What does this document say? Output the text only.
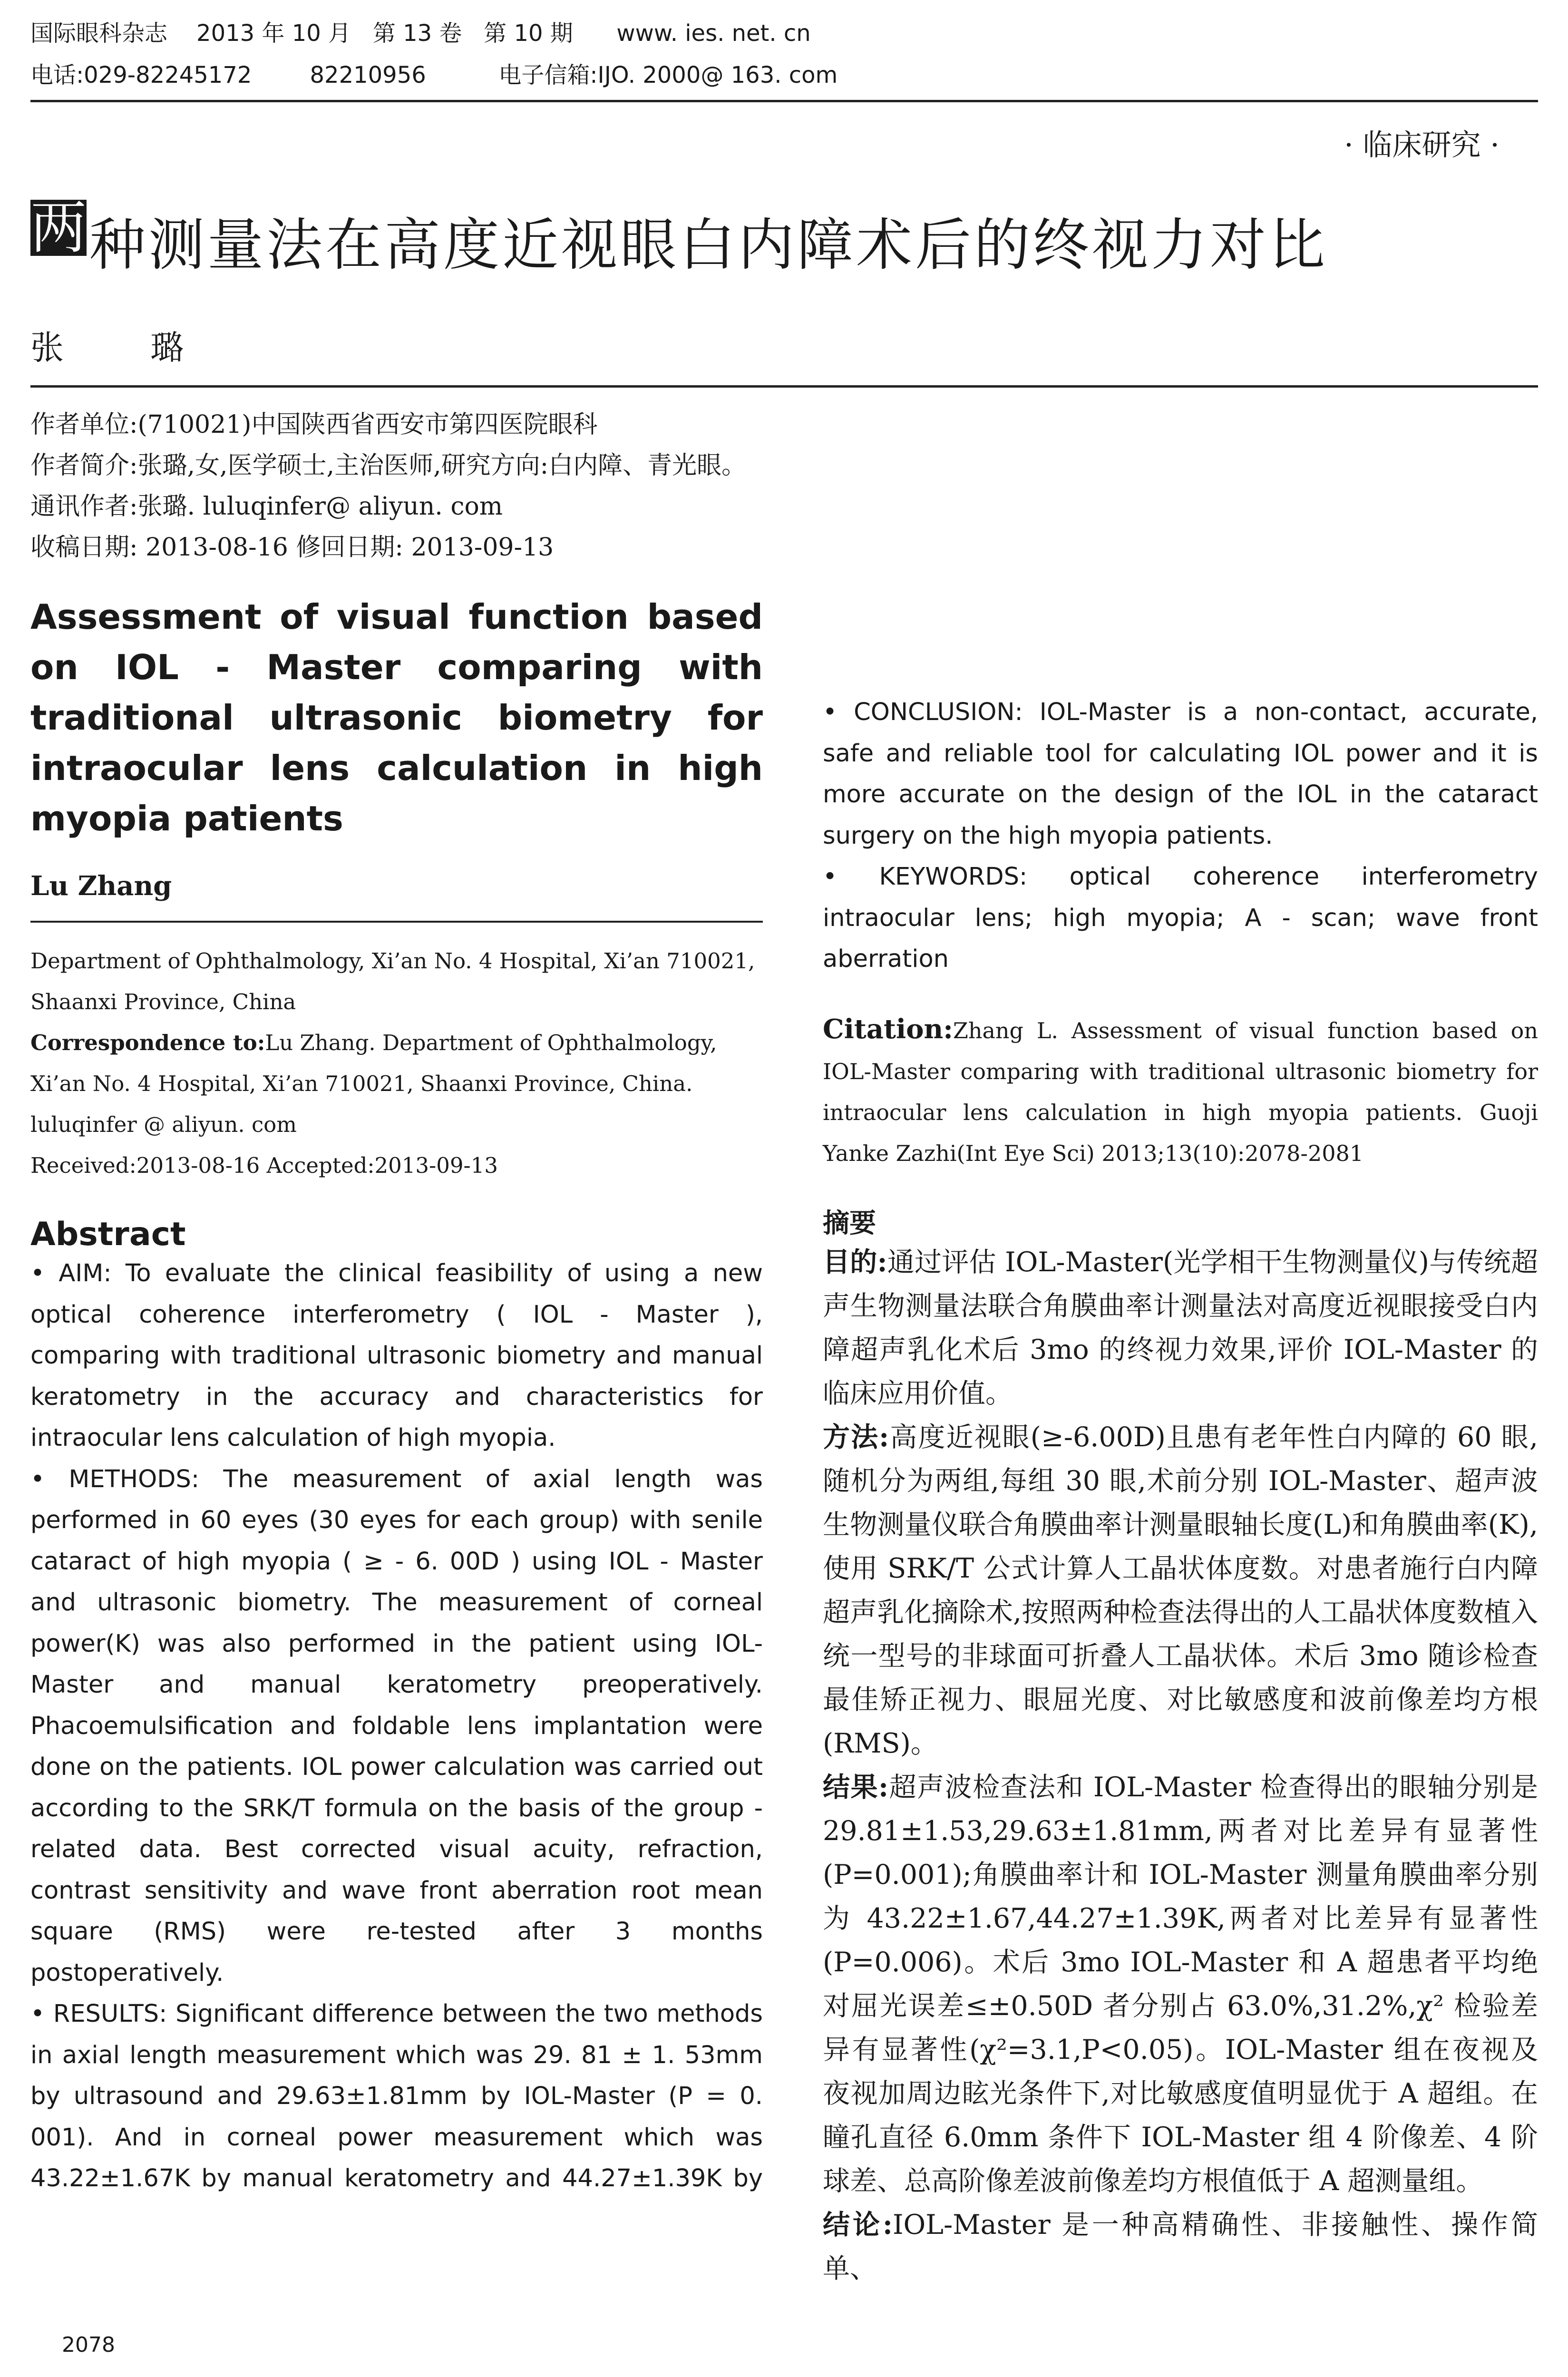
国际眼科杂志    2013 年 10 月   第 13 卷   第 10 期      www. ies. net. cn
电话:029-82245172        82210956          电子信箱:IJO. 2000@ 163. com
· 临床研究 ·
两种测量法在高度近视眼白内障术后的终视力对比
张 璐

作者单位:(710021)中国陕西省西安市第四医院眼科

作者简介:张璐,女,医学硕士,主治医师,研究方向:白内障、青光眼。

通讯作者:张璐. luluqinfer@ aliyun. com

收稿日期: 2013-08-16 修回日期: 2013-09-13

Assessment of visual function based on IOL - Master comparing with traditional ultrasonic biometry for intraocular lens calculation in high myopia patients
Lu Zhang

Department of Ophthalmology, Xi’an No. 4 Hospital, Xi’an 710021, Shaanxi Province, China

Correspondence to:Lu Zhang. Department of Ophthalmology, Xi’an No. 4 Hospital, Xi’an 710021, Shaanxi Province, China. luluqinfer @ aliyun. com

Received:2013-08-16 Accepted:2013-09-13

Abstract

• AIM: To evaluate the clinical feasibility of using a new optical coherence interferometry ( IOL - Master ), comparing with traditional ultrasonic biometry and manual keratometry in the accuracy and characteristics for intraocular lens calculation of high myopia.

• METHODS: The measurement of axial length was performed in 60 eyes (30 eyes for each group) with senile cataract of high myopia ( ≥ - 6. 00D ) using IOL - Master and ultrasonic biometry. The measurement of corneal power(K) was also performed in the patient using IOL-Master and manual keratometry preoperatively. Phacoemulsification and foldable lens implantation were done on the patients. IOL power calculation was carried out according to the SRK/T formula on the basis of the group - related data. Best corrected visual acuity, refraction, contrast sensitivity and wave front aberration root mean square (RMS) were re-tested after 3 months postoperatively.

• RESULTS: Significant difference between the two methods in axial length measurement which was 29. 81 ± 1. 53mm by ultrasound and 29.63±1.81mm by IOL-Master (P = 0. 001). And in corneal power measurement which was 43.22±1.67K by manual keratometry and 44.27±1.39K by

• CONCLUSION: IOL-Master is a non-contact, accurate, safe and reliable tool for calculating IOL power and it is more accurate on the design of the IOL in the cataract surgery on the high myopia patients.

• KEYWORDS: optical coherence interferometry intraocular lens; high myopia; A - scan; wave front aberration

Citation:Zhang L. Assessment of visual function based on IOL-Master comparing with traditional ultrasonic biometry for intraocular lens calculation in high myopia patients. Guoji Yanke Zazhi(Int Eye Sci) 2013;13(10):2078-2081
摘要

目的:通过评估 IOL-Master(光学相干生物测量仪)与传统超声生物测量法联合角膜曲率计测量法对高度近视眼接受白内障超声乳化术后 3mo 的终视力效果,评价 IOL-Master 的临床应用价值。

方法:高度近视眼(≥-6.00D)且患有老年性白内障的 60 眼,随机分为两组,每组 30 眼,术前分别 IOL-Master、超声波生物测量仪联合角膜曲率计测量眼轴长度(L)和角膜曲率(K),使用 SRK/T 公式计算人工晶状体度数。对患者施行白内障超声乳化摘除术,按照两种检查法得出的人工晶状体度数植入统一型号的非球面可折叠人工晶状体。术后 3mo 随诊检查最佳矫正视力、眼屈光度、对比敏感度和波前像差均方根(RMS)。

结果:超声波检查法和 IOL-Master 检查得出的眼轴分别是 29.81±1.53,29.63±1.81mm,两者对比差异有显著性(P=0.001);角膜曲率计和 IOL-Master 测量角膜曲率分别为 43.22±1.67,44.27±1.39K,两者对比差异有显著性(P=0.006)。术后 3mo IOL-Master 和 A 超患者平均绝对屈光误差≤±0.50D 者分别占 63.0%,31.2%,χ² 检验差异有显著性(χ²=3.1,P<0.05)。IOL-Master 组在夜视及夜视加周边眩光条件下,对比敏感度值明显优于 A 超组。在瞳孔直径 6.0mm 条件下 IOL-Master 组 4 阶像差、4 阶球差、总高阶像差波前像差均方根值低于 A 超测量组。

结论:IOL-Master 是一种高精确性、非接触性、操作简单、

2078
